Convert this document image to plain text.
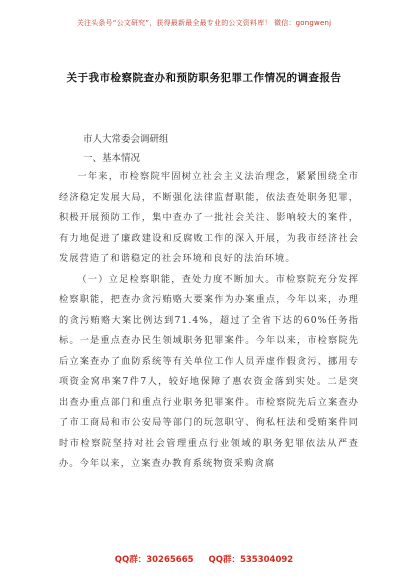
关注头条号“公文研究”，获得最新最全最专业的公文资料库！ 微信：gongwenj
关于我市检察院查办和预防职务犯罪工作情况的调查报告
市人大常委会调研组
一、基本情况

一年来，市检察院牢固树立社会主义法治理念，紧紧围绕全市经济稳定发展大局，不断强化法律监督职能，依法查处职务犯罪，积极开展预防工作，集中查办了一批社会关注、影响较大的案件，有力地促进了廉政建设和反腐败工作的深入开展，为我市经济社会发展营造了和谐稳定的社会环境和良好的法治环境。

（一）立足检察职能，查处力度不断加大。市检察院充分发挥检察职能，把查办贪污贿赂大要案作为办案重点，今年以来，办理的贪污贿赂大案比例达到71.4%，超过了全省下达的60%任务指标。一是重点查办民生领域职务犯罪案件。今年以来，市检察院先后立案查办了血防系统等有关单位工作人员弄虚作假贪污、挪用专项资金窝串案7件7人，较好地保障了惠农资金落到实处。二是突出查办重点部门和重点行业职务犯罪案件。市检察院先后立案查办了市工商局和市公安局等部门的玩忽职守、徇私枉法和受贿案件同时市检察院坚持对社会管理重点行业领域的职务犯罪依法从严查办。今年以来，立案查办教育系统物资采购贪腐

QQ群：30265665 QQ群：535304092
